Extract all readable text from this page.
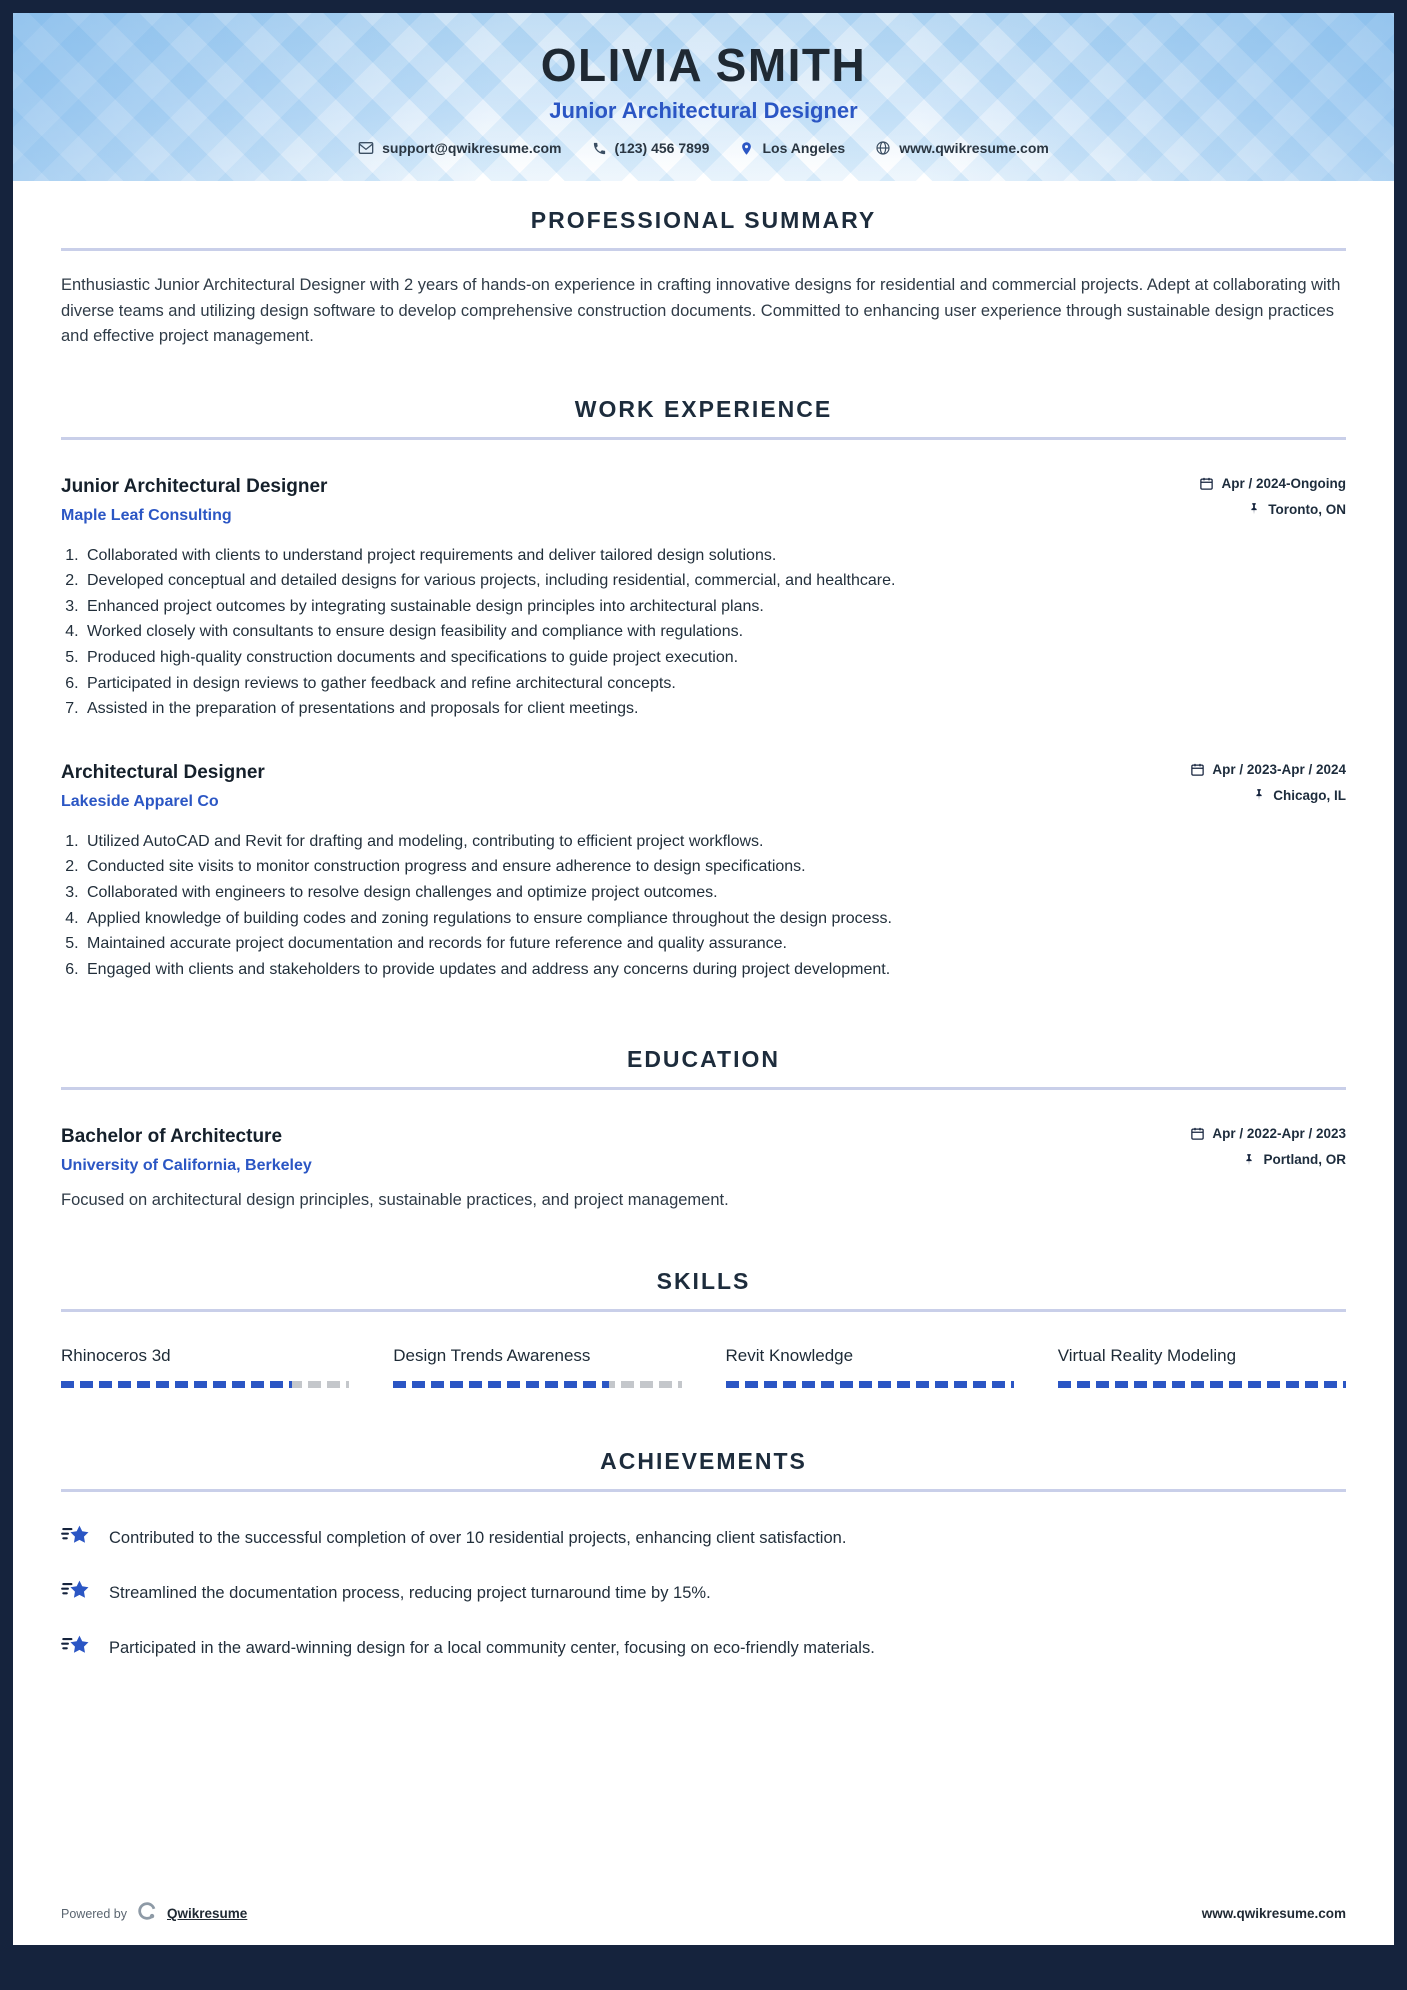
OLIVIA SMITH
Junior Architectural Designer
support@qwikresume.com	(123) 456 7899	Los Angeles	www.qwikresume.com
PROFESSIONAL SUMMARY

Enthusiastic Junior Architectural Designer with 2 years of hands-on experience in crafting innovative designs for residential and commercial projects. Adept at collaborating with diverse teams and utilizing design software to develop comprehensive construction documents. Committed to enhancing user experience through sustainable design practices and effective project management.

WORK EXPERIENCE
Junior Architectural Designer
Maple Leaf Consulting
Apr / 2024-Ongoing
Toronto, ON
1. Collaborated with clients to understand project requirements and deliver tailored design solutions.
2. Developed conceptual and detailed designs for various projects, including residential, commercial, and healthcare.
3. Enhanced project outcomes by integrating sustainable design principles into architectural plans.
4. Worked closely with consultants to ensure design feasibility and compliance with regulations.
5. Produced high-quality construction documents and specifications to guide project execution.
6. Participated in design reviews to gather feedback and refine architectural concepts.
7. Assisted in the preparation of presentations and proposals for client meetings.
Architectural Designer
Lakeside Apparel Co
Apr / 2023-Apr / 2024
Chicago, IL
1. Utilized AutoCAD and Revit for drafting and modeling, contributing to efficient project workflows.
2. Conducted site visits to monitor construction progress and ensure adherence to design specifications.
3. Collaborated with engineers to resolve design challenges and optimize project outcomes.
4. Applied knowledge of building codes and zoning regulations to ensure compliance throughout the design process.
5. Maintained accurate project documentation and records for future reference and quality assurance.
6. Engaged with clients and stakeholders to provide updates and address any concerns during project development.
EDUCATION
Bachelor of Architecture
University of California, Berkeley
Apr / 2022-Apr / 2023
Portland, OR

Focused on architectural design principles, sustainable practices, and project management.

SKILLS
Rhinoceros 3d	Design Trends Awareness	Revit Knowledge	Virtual Reality Modeling
ACHIEVEMENTS
Contributed to the successful completion of over 10 residential projects, enhancing client satisfaction.
Streamlined the documentation process, reducing project turnaround time by 15%.
Participated in the award-winning design for a local community center, focusing on eco-friendly materials.
Powered by	Qwikresume	www.qwikresume.com
